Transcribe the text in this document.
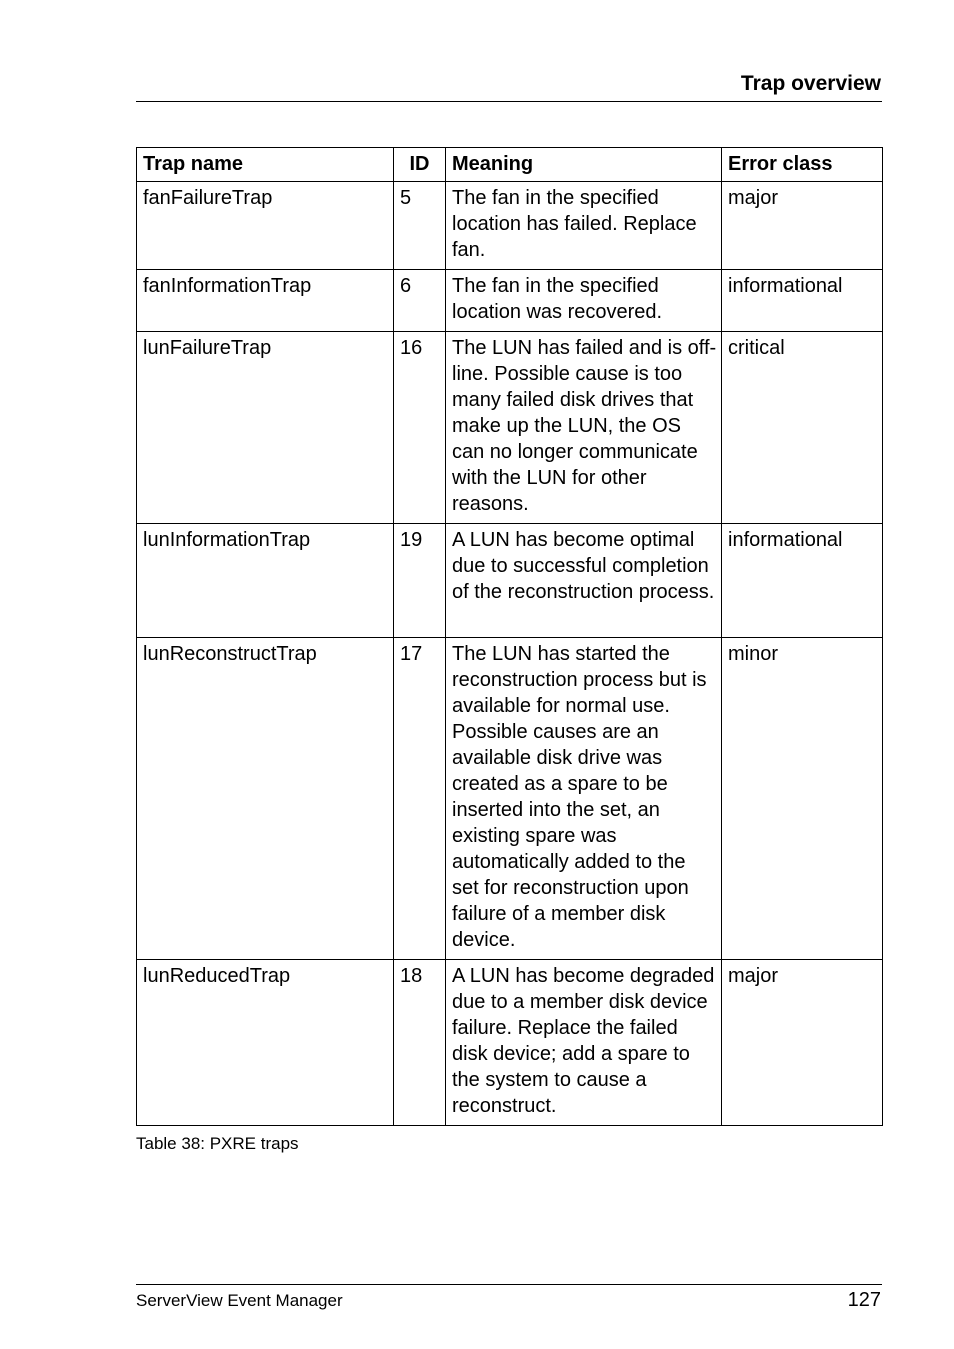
Trap overview
Trap name	ID	Meaning	Error class
fanFailureTrap	5	The fan in the specified location has failed. Replace fan.	major
fanInformationTrap	6	The fan in the specified location was recovered.	informational
lunFailureTrap	16	The LUN has failed and is off-line. Possible cause is too many failed disk drives that make up the LUN, the OS can no longer communicate with the LUN for other reasons.	critical
lunInformationTrap	19	A LUN has become optimal due to successful completion of the reconstruction process.	informational
lunReconstructTrap	17	The LUN has started the reconstruction process but is available for normal use. Possible causes are an available disk drive was created as a spare to be inserted into the set, an existing spare was automatically added to the set for reconstruction upon failure of a member disk device.	minor
lunReducedTrap	18	A LUN has become degraded due to a member disk device failure. Replace the failed disk device; add a spare to the system to cause a reconstruct.	major
Table 38: PXRE traps
ServerView Event Manager	127
